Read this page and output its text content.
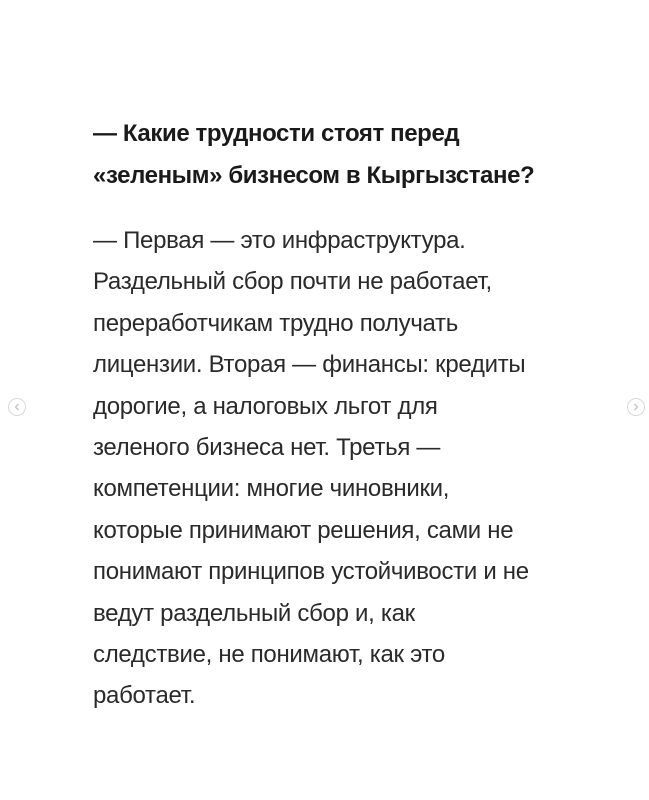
— Какие трудности стоят перед
«зеленым» бизнесом в Кыргызстане?

— Первая — это инфраструктура.
Раздельный сбор почти не работает,
переработчикам трудно получать
лицензии. Вторая — финансы: кредиты
дорогие, а налоговых льгот для
зеленого бизнеса нет. Третья —
компетенции: многие чиновники,
которые принимают решения, сами не
понимают принципов устойчивости и не
ведут раздельный сбор и, как
следствие, не понимают, как это
работает.
